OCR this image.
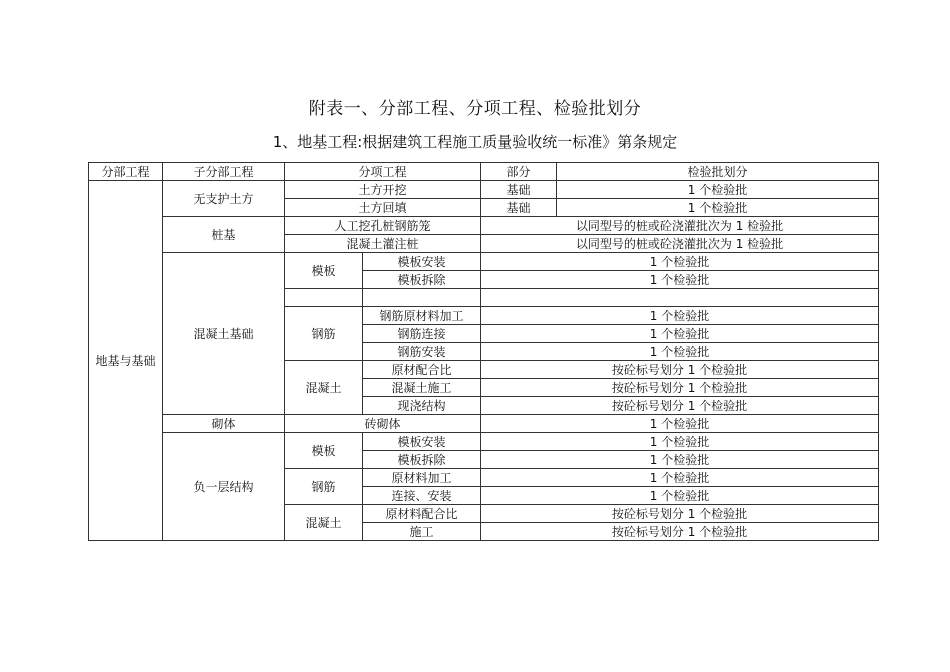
附表一、分部工程、分项工程、检验批划分
1、地基工程:根据建筑工程施工质量验收统一标准》第条规定
分部工程	子分部工程	分项工程		部分	检验批划分
地基与基础	无支护土方	土方开挖		基础	1 个检验批
		土方回填		基础	1 个检验批
	桩基	人工挖孔桩钢筋笼		以同型号的桩或砼浇灌批次为 1 检验批	
		混凝土灌注桩		以同型号的桩或砼浇灌批次为 1 检验批	
	混凝土基础	模板	模板安装	1 个检验批	
			模板拆除	1 个检验批	

		钢筋	钢筋原材料加工	1 个检验批	
			钢筋连接	1 个检验批	
			钢筋安装	1 个检验批	
		混凝土	原材配合比	按砼标号划分 1 个检验批	
			混凝土施工	按砼标号划分 1 个检验批	
			现浇结构	按砼标号划分 1 个检验批	
	砌体	砖砌体		1 个检验批	
	负一层结构	模板	模板安装	1 个检验批	
			模板拆除	1 个检验批	
		钢筋	原材料加工	1 个检验批	
			连接、安装	1 个检验批	
		混凝土	原材料配合比	按砼标号划分 1 个检验批	
			施工	按砼标号划分 1 个检验批	
